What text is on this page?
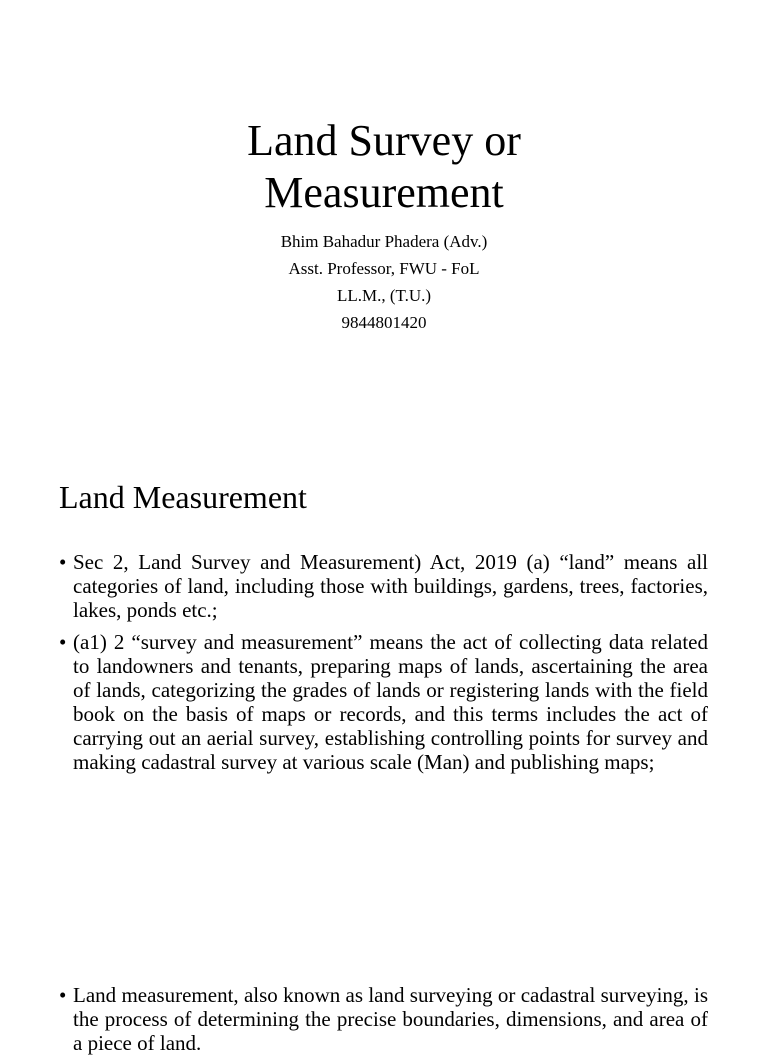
Land Survey or
Measurement
Bhim Bahadur Phadera (Adv.)
Asst. Professor, FWU - FoL
LL.M., (T.U.)
9844801420
Land Measurement
• Sec 2, Land Survey and Measurement) Act, 2019 (a) “land” means all categories of land, including those with buildings, gardens, trees, factories, lakes, ponds etc.;
• (a1) 2 “survey and measurement” means the act of collecting data related to landowners and tenants, preparing maps of lands, ascertaining the area of lands, categorizing the grades of lands or registering lands with the field book on the basis of maps or records, and this terms includes the act of carrying out an aerial survey, establishing controlling points for survey and making cadastral survey at various scale (Man) and publishing maps;
• Land measurement, also known as land surveying or cadastral surveying, is the process of determining the precise boundaries, dimensions, and area of a piece of land.
